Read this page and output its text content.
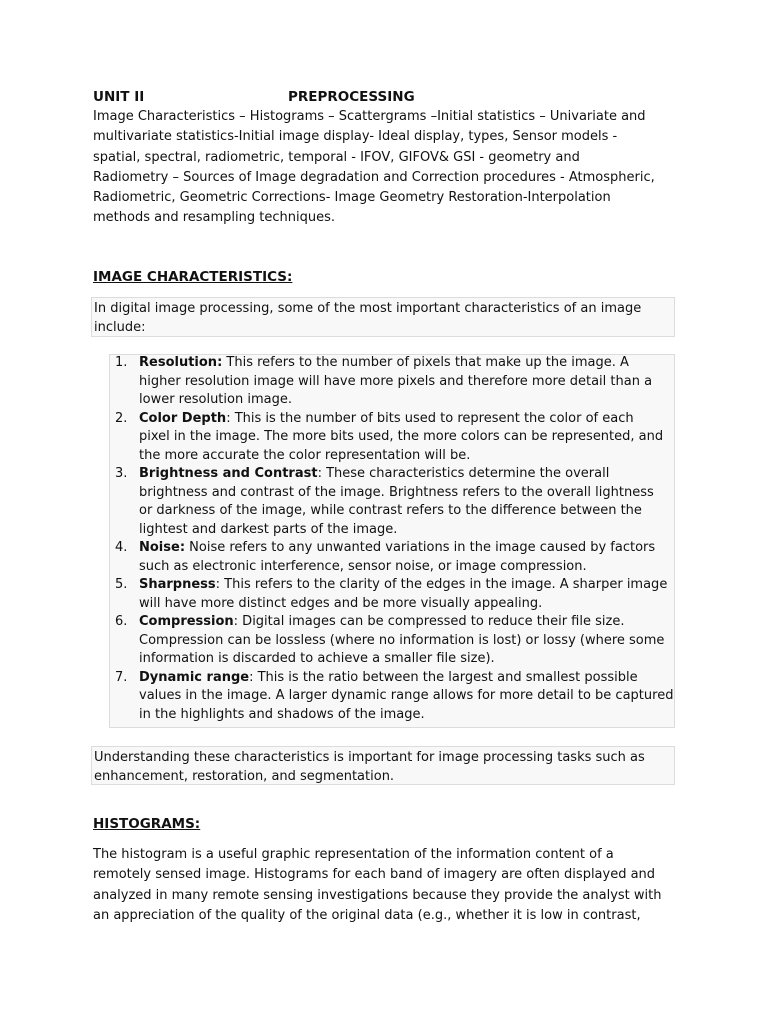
UNIT II	PREPROCESSING
Image Characteristics – Histograms – Scattergrams –Initial statistics – Univariate and
multivariate statistics-Initial image display- Ideal display, types, Sensor models -
spatial, spectral, radiometric, temporal - IFOV, GIFOV& GSI - geometry and
Radiometry – Sources of Image degradation and Correction procedures - Atmospheric,
Radiometric, Geometric Corrections- Image Geometry Restoration-Interpolation
methods and resampling techniques.
IMAGE CHARACTERISTICS:
In digital image processing, some of the most important characteristics of an image
include:
1. Resolution: This refers to the number of pixels that make up the image. A
higher resolution image will have more pixels and therefore more detail than a
lower resolution image.
2. Color Depth: This is the number of bits used to represent the color of each
pixel in the image. The more bits used, the more colors can be represented, and
the more accurate the color representation will be.
3. Brightness and Contrast: These characteristics determine the overall
brightness and contrast of the image. Brightness refers to the overall lightness
or darkness of the image, while contrast refers to the difference between the
lightest and darkest parts of the image.
4. Noise: Noise refers to any unwanted variations in the image caused by factors
such as electronic interference, sensor noise, or image compression.
5. Sharpness: This refers to the clarity of the edges in the image. A sharper image
will have more distinct edges and be more visually appealing.
6. Compression: Digital images can be compressed to reduce their file size.
Compression can be lossless (where no information is lost) or lossy (where some
information is discarded to achieve a smaller file size).
7. Dynamic range: This is the ratio between the largest and smallest possible
values in the image. A larger dynamic range allows for more detail to be captured
in the highlights and shadows of the image.
Understanding these characteristics is important for image processing tasks such as
enhancement, restoration, and segmentation.
HISTOGRAMS:
The histogram is a useful graphic representation of the information content of a
remotely sensed image. Histograms for each band of imagery are often displayed and
analyzed in many remote sensing investigations because they provide the analyst with
an appreciation of the quality of the original data (e.g., whether it is low in contrast,
